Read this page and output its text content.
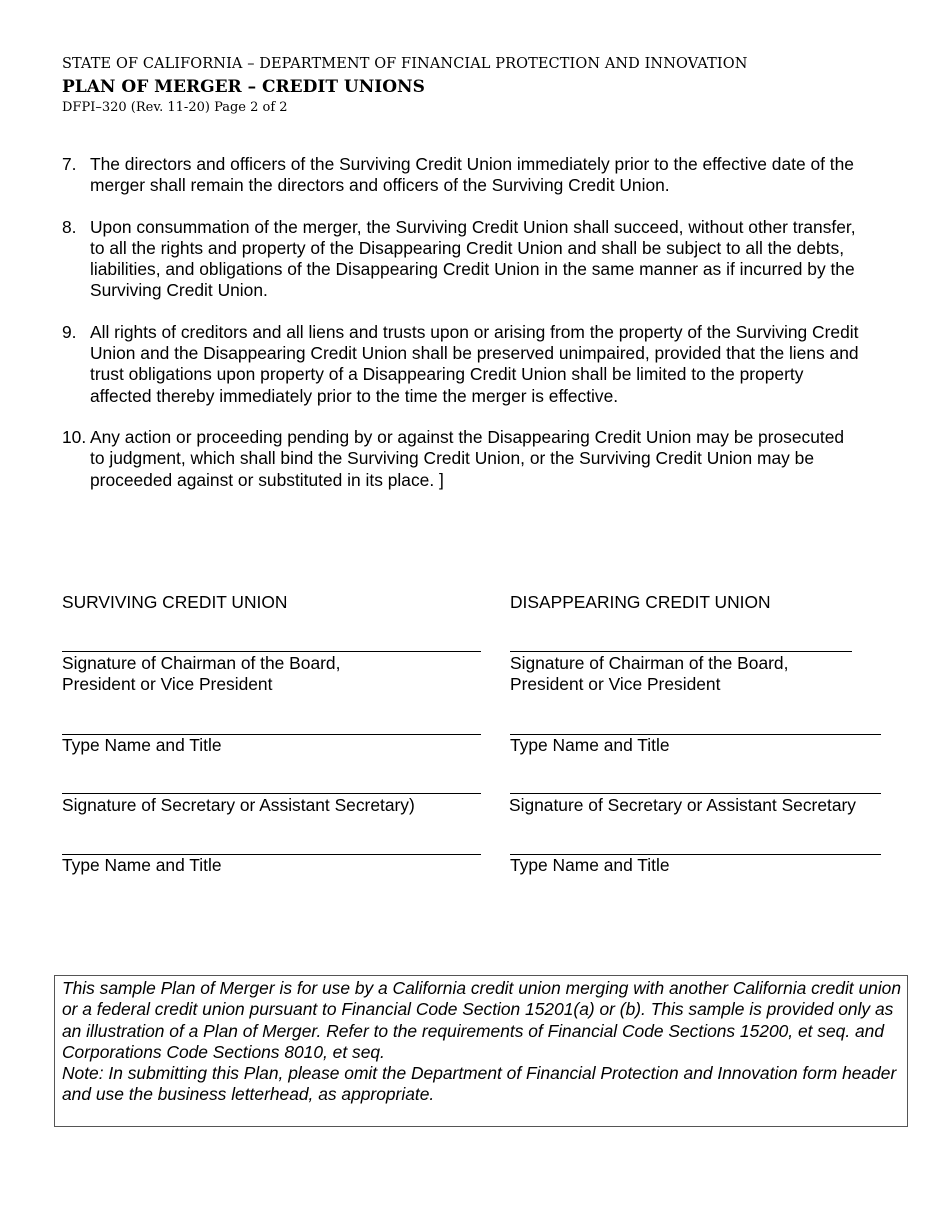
STATE OF CALIFORNIA – DEPARTMENT OF FINANCIAL PROTECTION AND INNOVATION
PLAN OF MERGER – CREDIT UNIONS
DFPI–320 (Rev. 11-20) Page 2 of 2
7. The directors and officers of the Surviving Credit Union immediately prior to the effective date of the merger shall remain the directors and officers of the Surviving Credit Union.
8. Upon consummation of the merger, the Surviving Credit Union shall succeed, without other transfer, to all the rights and property of the Disappearing Credit Union and shall be subject to all the debts, liabilities, and obligations of the Disappearing Credit Union in the same manner as if incurred by the Surviving Credit Union.
9. All rights of creditors and all liens and trusts upon or arising from the property of the Surviving Credit Union and the Disappearing Credit Union shall be preserved unimpaired, provided that the liens and trust obligations upon property of a Disappearing Credit Union shall be limited to the property affected thereby immediately prior to the time the merger is effective.
10. Any action or proceeding pending by or against the Disappearing Credit Union may be prosecuted to judgment, which shall bind the Surviving Credit Union, or the Surviving Credit Union may be proceeded against or substituted in its place. ]
SURVIVING CREDIT UNION
Signature of Chairman of the Board,
President or Vice President
Type Name and Title
Signature of Secretary or Assistant Secretary)
Type Name and Title
DISAPPEARING CREDIT UNION
Signature of Chairman of the Board,
President or Vice President
Type Name and Title
Signature of Secretary or Assistant Secretary
Type Name and Title
This sample Plan of Merger is for use by a California credit union merging with another California credit union or a federal credit union pursuant to Financial Code Section 15201(a) or (b). This sample is provided only as an illustration of a Plan of Merger. Refer to the requirements of Financial Code Sections 15200, et seq. and Corporations Code Sections 8010, et seq.
Note: In submitting this Plan, please omit the Department of Financial Protection and Innovation form header and use the business letterhead, as appropriate.
